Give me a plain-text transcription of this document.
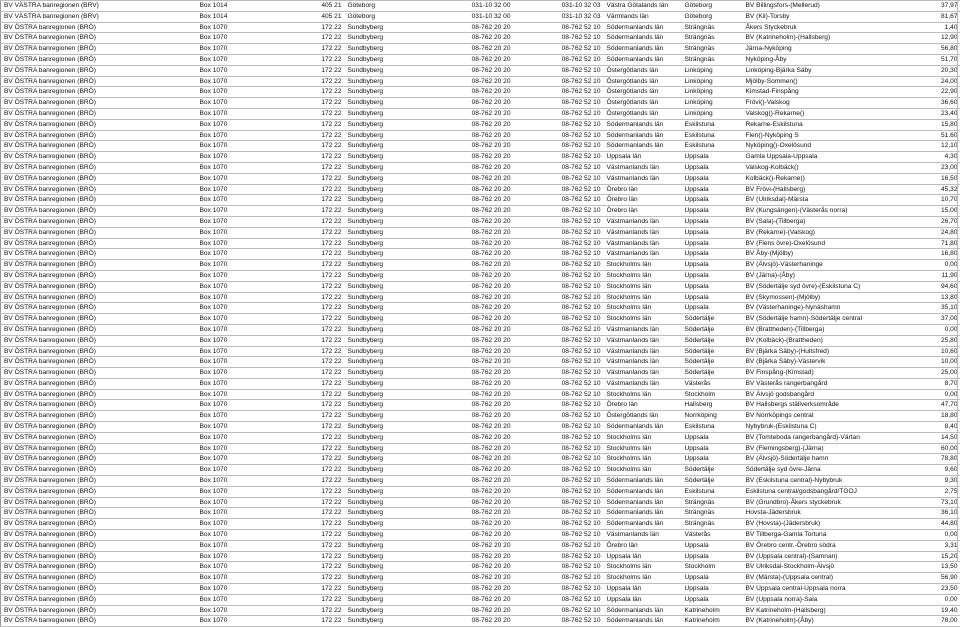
BV VÄSTRA banregionen (BRV)	Box 1014	405 21	Göteborg	031-10 32 00	031-10 32 03	Västra Götalands län	Göteborg	BV Billingsfors-(Mellerud)	37,97
BV VÄSTRA banregionen (BRV)	Box 1014	405 21	Göteborg	031-10 32 00	031-10 32 03	Värmlands län	Göteborg	BV (Kil)-Torsby	81,67
BV ÖSTRA banregionen (BRÖ)	Box 1070	172 22	Sundbyberg	08-762 20 20	08-762 52 10	Södermanlands län	Strängnäs	Åkers Styckebruk	1,40
BV ÖSTRA banregionen (BRÖ)	Box 1070	172 22	Sundbyberg	08-762 20 20	08-762 52 10	Södermanlands län	Strängnäs	BV (Katrineholm)-(Hallsberg)	12,90
BV ÖSTRA banregionen (BRÖ)	Box 1070	172 22	Sundbyberg	08-762 20 20	08-762 52 10	Södermanlands län	Strängnäs	Järna-Nyköping	56,80
BV ÖSTRA banregionen (BRÖ)	Box 1070	172 22	Sundbyberg	08-762 20 20	08-762 52 10	Södermanlands län	Strängnäs	Nyköping-Åby	51,70
BV ÖSTRA banregionen (BRÖ)	Box 1070	172 22	Sundbyberg	08-762 20 20	08-762 52 10	Östergötlands län	Linköping	Linköping-Bjärka Säby	20,30
BV ÖSTRA banregionen (BRÖ)	Box 1070	172 22	Sundbyberg	08-762 20 20	08-762 52 10	Östergötlands län	Linköping	Mjölby-Sommen()	24,00
BV ÖSTRA banregionen (BRÖ)	Box 1070	172 22	Sundbyberg	08-762 20 20	08-762 52 10	Östergötlands län	Linköping	Kimstad-Finspång	22,90
BV ÖSTRA banregionen (BRÖ)	Box 1070	172 22	Sundbyberg	08-762 20 20	08-762 52 10	Östergötlands län	Linköping	Frövi()-Valskog	36,60
BV ÖSTRA banregionen (BRÖ)	Box 1070	172 22	Sundbyberg	08-762 20 20	08-762 52 10	Östergötlands län	Linköping	Valskog()-Rekarne()	23,40
BV ÖSTRA banregionen (BRÖ)	Box 1070	172 22	Sundbyberg	08-762 20 20	08-762 52 10	Södermanlands län	Eskilstuna	Rekarne-Eskilstuna	15,80
BV ÖSTRA banregionen (BRÖ)	Box 1070	172 22	Sundbyberg	08-762 20 20	08-762 52 10	Södermanlands län	Eskilstuna	Flen()-Nyköping S	51,60
BV ÖSTRA banregionen (BRÖ)	Box 1070	172 22	Sundbyberg	08-762 20 20	08-762 52 10	Södermanlands län	Eskilstuna	Nyköping()-Oxelösund	12,10
BV ÖSTRA banregionen (BRÖ)	Box 1070	172 22	Sundbyberg	08-762 20 20	08-762 52 10	Uppsala län	Uppsala	Gamla Uppsala-Uppsala	4,30
BV ÖSTRA banregionen (BRÖ)	Box 1070	172 22	Sundbyberg	08-762 20 20	08-762 52 10	Västmanlands län	Uppsala	Valskog-Kolbäck()	23,00
BV ÖSTRA banregionen (BRÖ)	Box 1070	172 22	Sundbyberg	08-762 20 20	08-762 52 10	Västmanlands län	Uppsala	Kolbäck()-Rekarne()	16,50
BV ÖSTRA banregionen (BRÖ)	Box 1070	172 22	Sundbyberg	08-762 20 20	08-762 52 10	Örebro län	Uppsala	BV Frövi-(Hallsberg)	45,32
BV ÖSTRA banregionen (BRÖ)	Box 1070	172 22	Sundbyberg	08-762 20 20	08-762 52 10	Örebro län	Uppsala	BV (Ulriksdal)-Märsta	10,70
BV ÖSTRA banregionen (BRÖ)	Box 1070	172 22	Sundbyberg	08-762 20 20	08-762 52 10	Örebro län	Uppsala	BV (Kungsängen)-(Västerås norra)	15,00
BV ÖSTRA banregionen (BRÖ)	Box 1070	172 22	Sundbyberg	08-762 20 20	08-762 52 10	Västmanlands län	Uppsala	BV (Sala)-(Tillberga)	26,70
BV ÖSTRA banregionen (BRÖ)	Box 1070	172 22	Sundbyberg	08-762 20 20	08-762 52 10	Västmanlands län	Uppsala	BV (Rekarne)-(Valskog)	24,80
BV ÖSTRA banregionen (BRÖ)	Box 1070	172 22	Sundbyberg	08-762 20 20	08-762 52 10	Västmanlands län	Uppsala	BV (Flens övre)-Oxelösund	71,80
BV ÖSTRA banregionen (BRÖ)	Box 1070	172 22	Sundbyberg	08-762 20 20	08-762 52 10	Västmanlands län	Uppsala	BV Åby-(Mjölby)	16,80
BV ÖSTRA banregionen (BRÖ)	Box 1070	172 22	Sundbyberg	08-762 20 20	08-762 52 10	Stockholms län	Uppsala	BV (Älvsjö)-Västerhaninge	0,00
BV ÖSTRA banregionen (BRÖ)	Box 1070	172 22	Sundbyberg	08-762 20 20	08-762 52 10	Stockholms län	Uppsala	BV (Järna)-(Åby)	11,90
BV ÖSTRA banregionen (BRÖ)	Box 1070	172 22	Sundbyberg	08-762 20 20	08-762 52 10	Stockholms län	Uppsala	BV (Södertälje syd övre)-(Eskilstuna C)	94,60
BV ÖSTRA banregionen (BRÖ)	Box 1070	172 22	Sundbyberg	08-762 20 20	08-762 52 10	Stockholms län	Uppsala	BV (Skymossen)-(Mjölby)	13,80
BV ÖSTRA banregionen (BRÖ)	Box 1070	172 22	Sundbyberg	08-762 20 20	08-762 52 10	Stockholms län	Uppsala	BV (Västerhaninge)-Nynäshamn	35,10
BV ÖSTRA banregionen (BRÖ)	Box 1070	172 22	Sundbyberg	08-762 20 20	08-762 52 10	Stockholms län	Södertälje	BV (Södertälje hamn)-Södertälje central	37,00
BV ÖSTRA banregionen (BRÖ)	Box 1070	172 22	Sundbyberg	08-762 20 20	08-762 52 10	Västmanlands län	Södertälje	BV (Brattheden)-(Tillberga)	0,00
BV ÖSTRA banregionen (BRÖ)	Box 1070	172 22	Sundbyberg	08-762 20 20	08-762 52 10	Västmanlands län	Södertälje	BV (Kolbäck)-(Brattheden)	25,80
BV ÖSTRA banregionen (BRÖ)	Box 1070	172 22	Sundbyberg	08-762 20 20	08-762 52 10	Västmanlands län	Södertälje	BV (Bjärka Säby)-(Hultsfred)	10,60
BV ÖSTRA banregionen (BRÖ)	Box 1070	172 22	Sundbyberg	08-762 20 20	08-762 52 10	Västmanlands län	Södertälje	BV (Bjärka Säby)-Västervik	10,00
BV ÖSTRA banregionen (BRÖ)	Box 1070	172 22	Sundbyberg	08-762 20 20	08-762 52 10	Västmanlands län	Södertälje	BV Finspång-(Kimstad)	25,00
BV ÖSTRA banregionen (BRÖ)	Box 1070	172 22	Sundbyberg	08-762 20 20	08-762 52 10	Västmanlands län	Västerås	BV Västerås rangerbangård	8,70
BV ÖSTRA banregionen (BRÖ)	Box 1070	172 22	Sundbyberg	08-762 20 20	08-762 52 10	Stockholms län	Stockholm	BV Älvsjö godsbangård	0,00
BV ÖSTRA banregionen (BRÖ)	Box 1070	172 22	Sundbyberg	08-762 20 20	08-762 52 10	Örebro län	Hallsberg	BV Hallsbergs ställverksområde	47,70
BV ÖSTRA banregionen (BRÖ)	Box 1070	172 22	Sundbyberg	08-762 20 20	08-762 52 10	Östergötlands län	Norrköping	BV Norrköpings central	18,80
BV ÖSTRA banregionen (BRÖ)	Box 1070	172 22	Sundbyberg	08-762 20 20	08-762 52 10	Södermanlands län	Eskilstuna	Nybybruk-(Eskilstuna C)	8,40
BV ÖSTRA banregionen (BRÖ)	Box 1070	172 22	Sundbyberg	08-762 20 20	08-762 52 10	Stockholms län	Uppsala	BV (Tomteboda rangerbangård)-Värtan	14,50
BV ÖSTRA banregionen (BRÖ)	Box 1070	172 22	Sundbyberg	08-762 20 20	08-762 52 10	Stockholms län	Uppsala	BV (Flemingsberg)-(Järna)	60,00
BV ÖSTRA banregionen (BRÖ)	Box 1070	172 22	Sundbyberg	08-762 20 20	08-762 52 10	Stockholms län	Uppsala	BV (Älvsjö)-Södertälje hamn	78,80
BV ÖSTRA banregionen (BRÖ)	Box 1070	172 22	Sundbyberg	08-762 20 20	08-762 52 10	Stockholms län	Södertälje	Södertälje syd övre-Järna	9,60
BV ÖSTRA banregionen (BRÖ)	Box 1070	172 22	Sundbyberg	08-762 20 20	08-762 52 10	Södermanlands län	Södertälje	BV (Eskilstuna central)-Nybybruk	9,30
BV ÖSTRA banregionen (BRÖ)	Box 1070	172 22	Sundbyberg	08-762 20 20	08-762 52 10	Södermanlands län	Eskilstuna	Eskilstuna central/godsbangård/TGOJ	2,75
BV ÖSTRA banregionen (BRÖ)	Box 1070	172 22	Sundbyberg	08-762 20 20	08-762 52 10	Södermanlands län	Strängnäs	BV (Grundbro)-Åkers styckebruk	73,10
BV ÖSTRA banregionen (BRÖ)	Box 1070	172 22	Sundbyberg	08-762 20 20	08-762 52 10	Södermanlands län	Strängnäs	Hovsta-Jädersbruk	36,10
BV ÖSTRA banregionen (BRÖ)	Box 1070	172 22	Sundbyberg	08-762 20 20	08-762 52 10	Södermanlands län	Strängnäs	BV (Hovsta)-(Jädersbruk)	44,80
BV ÖSTRA banregionen (BRÖ)	Box 1070	172 22	Sundbyberg	08-762 20 20	08-762 52 10	Västmanlands län	Västerås	BV Tillberga-Gamla Tortuna	0,00
BV ÖSTRA banregionen (BRÖ)	Box 1070	172 22	Sundbyberg	08-762 20 20	08-762 52 10	Örebro län	Uppsala	BV Örebro centr.-Örebro södra	3,31
BV ÖSTRA banregionen (BRÖ)	Box 1070	172 22	Sundbyberg	08-762 20 20	08-762 52 10	Uppsala län	Uppsala	BV (Uppsala central)-(Samnan)	15,20
BV ÖSTRA banregionen (BRÖ)	Box 1070	172 22	Sundbyberg	08-762 20 20	08-762 52 10	Stockholms län	Stockholm	BV Ulriksdal-Stockholm-Älvsjö	13,50
BV ÖSTRA banregionen (BRÖ)	Box 1070	172 22	Sundbyberg	08-762 20 20	08-762 52 10	Stockholms län	Uppsala	BV (Märsta)-(Uppsala central)	56,90
BV ÖSTRA banregionen (BRÖ)	Box 1070	172 22	Sundbyberg	08-762 20 20	08-762 52 10	Uppsala län	Uppsala	BV Uppsala central-Uppsala norra	23,50
BV ÖSTRA banregionen (BRÖ)	Box 1070	172 22	Sundbyberg	08-762 20 20	08-762 52 10	Uppsala län	Uppsala	BV (Uppsala norra)-Sala	0,00
BV ÖSTRA banregionen (BRÖ)	Box 1070	172 22	Sundbyberg	08-762 20 20	08-762 52 10	Södermanlands län	Katrineholm	BV Katrineholm-(Hallsberg)	19,40
BV ÖSTRA banregionen (BRÖ)	Box 1070	172 22	Sundbyberg	08-762 20 20	08-762 52 10	Södermanlands län	Katrineholm	BV (Katrineholm)-(Åby)	78,00
